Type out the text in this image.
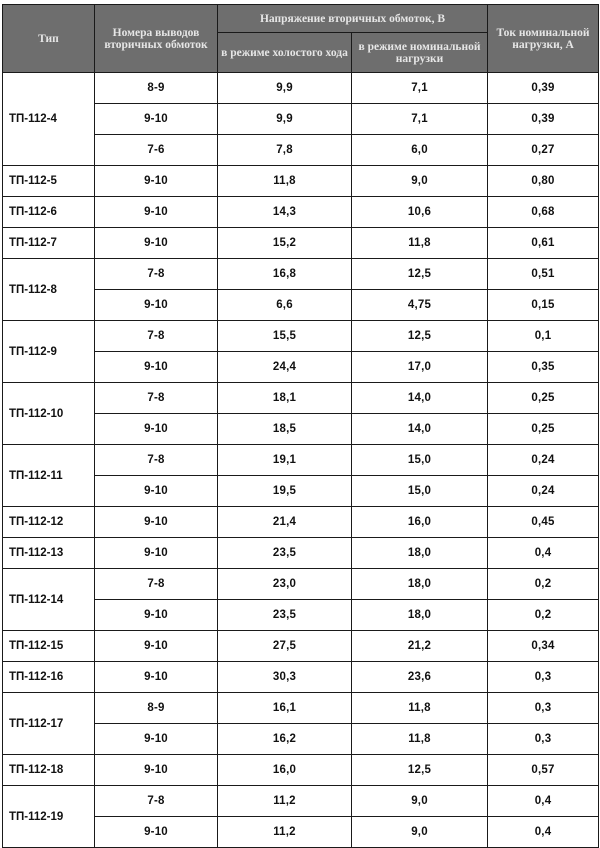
Тип	Номера выводов вторичных обмоток	Напряжение вторичных обмоток, В		Ток номинальной нагрузки, А
		в режиме холостого хода	в режиме номинальной нагрузки	
ТП-112-4	8-9	9,9	7,1	0,39
	9-10	9,9	7,1	0,39
	7-6	7,8	6,0	0,27
ТП-112-5	9-10	11,8	9,0	0,80
ТП-112-6	9-10	14,3	10,6	0,68
ТП-112-7	9-10	15,2	11,8	0,61
ТП-112-8	7-8	16,8	12,5	0,51
	9-10	6,6	4,75	0,15
ТП-112-9	7-8	15,5	12,5	0,1
	9-10	24,4	17,0	0,35
ТП-112-10	7-8	18,1	14,0	0,25
	9-10	18,5	14,0	0,25
ТП-112-11	7-8	19,1	15,0	0,24
	9-10	19,5	15,0	0,24
ТП-112-12	9-10	21,4	16,0	0,45
ТП-112-13	9-10	23,5	18,0	0,4
ТП-112-14	7-8	23,0	18,0	0,2
	9-10	23,5	18,0	0,2
ТП-112-15	9-10	27,5	21,2	0,34
ТП-112-16	9-10	30,3	23,6	0,3
ТП-112-17	8-9	16,1	11,8	0,3
	9-10	16,2	11,8	0,3
ТП-112-18	9-10	16,0	12,5	0,57
ТП-112-19	7-8	11,2	9,0	0,4
	9-10	11,2	9,0	0,4
